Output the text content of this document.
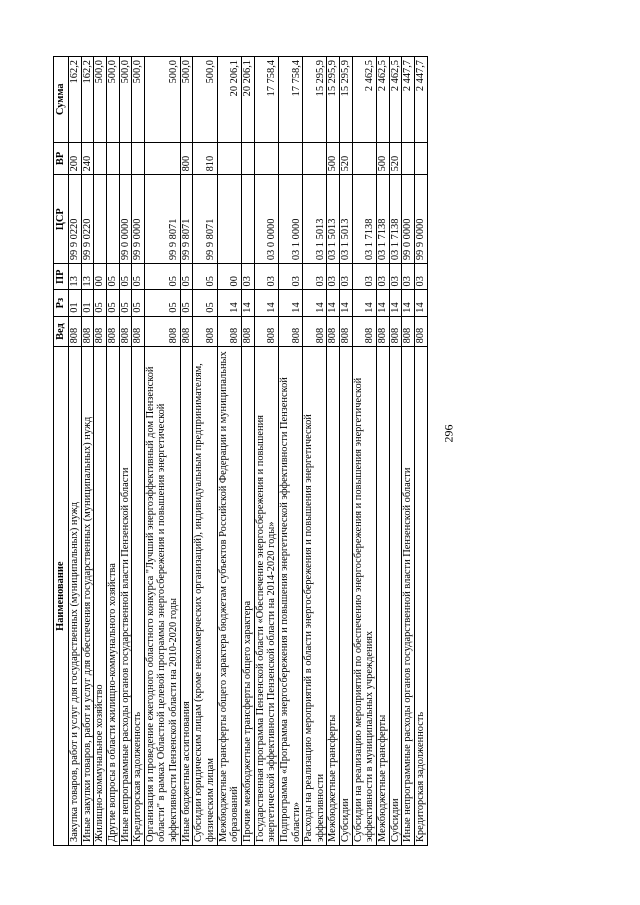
296
Наименование	Вед	Рз	ПР	ЦСР	ВР	Сумма
Закупка товаров, работ и услуг для государственных (муниципальных) нужд	808	01	13	99 9 0220	200	162,2
Иные закупки товаров, работ и услуг для обеспечения государственных (муниципальных) нужд	808	01	13	99 9 0220	240	162,2
Жилищно-коммунальное хозяйство	808	05	00			500,0
Другие вопросы в области жилищно-коммунального хозяйства	808	05	05			500,0
Иные непрограммные расходы органов государственной власти Пензенской области	808	05	05	99 0 0000		500,0
Кредиторская задолженность	808	05	05	99 9 0000		500,0
Организация и проведение ежегодного областного конкурса "Лучший энергоэффективный дом Пензенской области" в рамках Областной целевой программы энергосбережения и повышения энергетической эффективности Пензенской области на 2010-2020 годы	808	05	05	99 9 8071		500,0
Иные бюджетные ассигнования	808	05	05	99 9 8071	800	500,0
Субсидии юридическим лицам (кроме некоммерческих организаций), индивидуальным предпринимателям, физическим лицам	808	05	05	99 9 8071	810	500,0
Межбюджетные трансферты общего характера бюджетам субъектов Российской Федерации и муниципальных образований	808	14	00			20 206,1
Прочие межбюджетные трансферты общего характера	808	14	03			20 206,1
Государственная программа Пензенской области «Обеспечение энергосбережения и повышения энергетической эффективности Пензенской области на 2014-2020 годы»	808	14	03	03 0 0000		17 758,4
Подпрограмма «Программа энергосбережения и повышения энергетической эффективности Пензенской области»	808	14	03	03 1 0000		17 758,4
Расходы на реализацию мероприятий в области энергосбережения и повышения энергетической эффективности	808	14	03	03 1 5013		15 295,9
Межбюджетные трансферты	808	14	03	03 1 5013	500	15 295,9
Субсидии	808	14	03	03 1 5013	520	15 295,9
Субсидии на реализацию мероприятий по обеспечению энергосбережения и повышения энергетической эффективности в муниципальных учреждениях	808	14	03	03 1 7138		2 462,5
Межбюджетные трансферты	808	14	03	03 1 7138	500	2 462,5
Субсидии	808	14	03	03 1 7138	520	2 462,5
Иные непрограммные расходы органов государственной власти Пензенской области	808	14	03	99 0 0000		2 447,7
Кредиторская задолженность	808	14	03	99 9 0000		2 447,7
